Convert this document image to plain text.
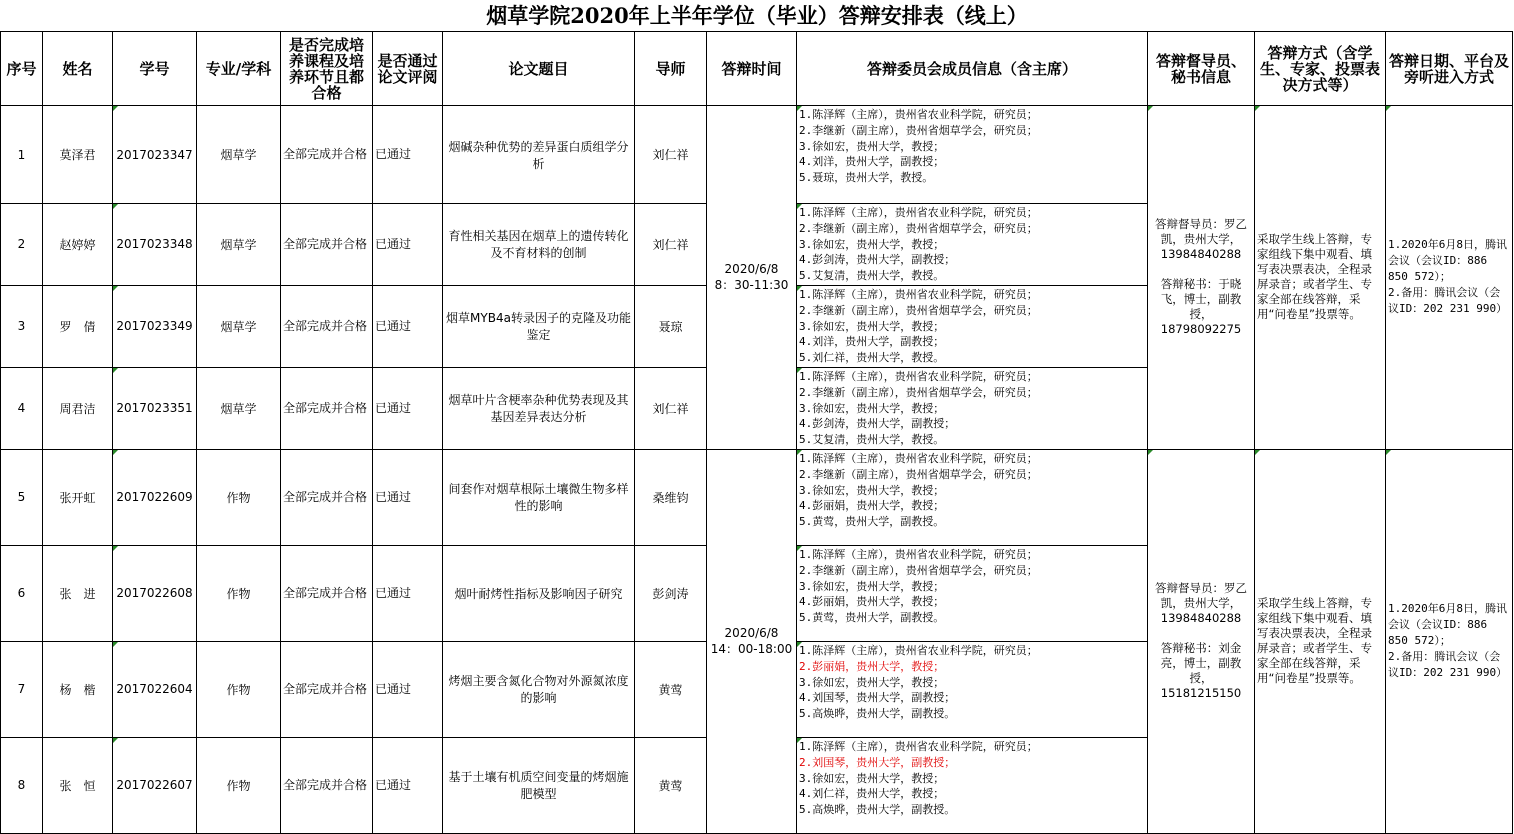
烟草学院2020年上半年学位（毕业）答辩安排表（线上）
序号	姓名	学号	专业/学科	是否完成培养课程及培养环节且都合格	是否通过论文评阅	论文题目	导师	答辩时间	答辩委员会成员信息（含主席）	答辩督导员、秘书信息	答辩方式（含学生、专家、投票表决方式等）	答辩日期、平台及旁听进入方式
1	莫泽君	2017023347	烟草学	全部完成并合格	已通过	烟碱杂种优势的差异蛋白质组学分析	刘仁祥	2020/6/8
8：30-11:30	1.陈泽辉（主席），贵州省农业科学院，研究员；
2.李继新（副主席），贵州省烟草学会，研究员；
3.徐如宏，贵州大学，教授；
4.刘洋，贵州大学，副教授；
5.聂琼，贵州大学，教授。	答辩督导员：罗乙凯，贵州大学，13984840288
答辩秘书：于晓飞，博士，副教授，18798092275	采取学生线上答辩，专家组线下集中观看、填写表决票表决，全程录屏录音；或者学生、专家全部在线答辩，采用“问卷星”投票等。	1.2020年6月8日，腾讯会议（会议ID：886 850 572）；
2.备用：腾讯会议（会议ID：202 231 990）

2	赵婷婷	2017023348	烟草学	全部完成并合格	已通过	育性相关基因在烟草上的遗传转化及不育材料的创制	刘仁祥		1.陈泽辉（主席），贵州省农业科学院，研究员；
2.李继新（副主席），贵州省烟草学会，研究员；
3.徐如宏，贵州大学，教授；
4.彭剑涛，贵州大学，副教授；
5.艾复清，贵州大学，教授。			

3	罗　倩	2017023349	烟草学	全部完成并合格	已通过	烟草MYB4a转录因子的克隆及功能鉴定	聂琼		1.陈泽辉（主席），贵州省农业科学院，研究员；
2.李继新（副主席），贵州省烟草学会，研究员；
3.徐如宏，贵州大学，教授；
4.刘洋，贵州大学，副教授；
5.刘仁祥，贵州大学，教授。			

4	周君洁	2017023351	烟草学	全部完成并合格	已通过	烟草叶片含梗率杂种优势表现及其基因差异表达分析	刘仁祥		1.陈泽辉（主席），贵州省农业科学院，研究员；
2.李继新（副主席），贵州省烟草学会，研究员；
3.徐如宏，贵州大学，教授；
4.彭剑涛，贵州大学，副教授；
5.艾复清，贵州大学，教授。			

5	张开虹	2017022609	作物	全部完成并合格	已通过	间套作对烟草根际土壤微生物多样性的影响	桑维钧	2020/6/8
14：00-18:00	1.陈泽辉（主席），贵州省农业科学院，研究员；
2.李继新（副主席），贵州省烟草学会，研究员；
3.徐如宏，贵州大学，教授；
4.彭丽娟，贵州大学，教授；
5.黄莺，贵州大学，副教授。	答辩督导员：罗乙凯，贵州大学，13984840288
答辩秘书：刘金亮，博士，副教授，15181215150	采取学生线上答辩，专家组线下集中观看、填写表决票表决，全程录屏录音；或者学生、专家全部在线答辩，采用“问卷星”投票等。	1.2020年6月8日，腾讯会议（会议ID：886 850 572）；
2.备用：腾讯会议（会议ID：202 231 990）

6	张　进	2017022608	作物	全部完成并合格	已通过	烟叶耐烤性指标及影响因子研究	彭剑涛		1.陈泽辉（主席），贵州省农业科学院，研究员；
2.李继新（副主席），贵州省烟草学会，研究员；
3.徐如宏，贵州大学，教授；
4.彭丽娟，贵州大学，教授；
5.黄莺，贵州大学，副教授。			

7	杨　楷	2017022604	作物	全部完成并合格	已通过	烤烟主要含氮化合物对外源氮浓度的影响	黄莺		1.陈泽辉（主席），贵州省农业科学院，研究员；
2.彭丽娟，贵州大学，教授；
3.徐如宏，贵州大学，教授；
4.刘国琴，贵州大学，副教授；
5.高焕晔，贵州大学，副教授。			

8	张　恒	2017022607	作物	全部完成并合格	已通过	基于土壤有机质空间变量的烤烟施肥模型	黄莺		1.陈泽辉（主席），贵州省农业科学院，研究员；
2.刘国琴，贵州大学，副教授；
3.徐如宏，贵州大学，教授；
4.刘仁祥，贵州大学，教授；
5.高焕晔，贵州大学，副教授。			
